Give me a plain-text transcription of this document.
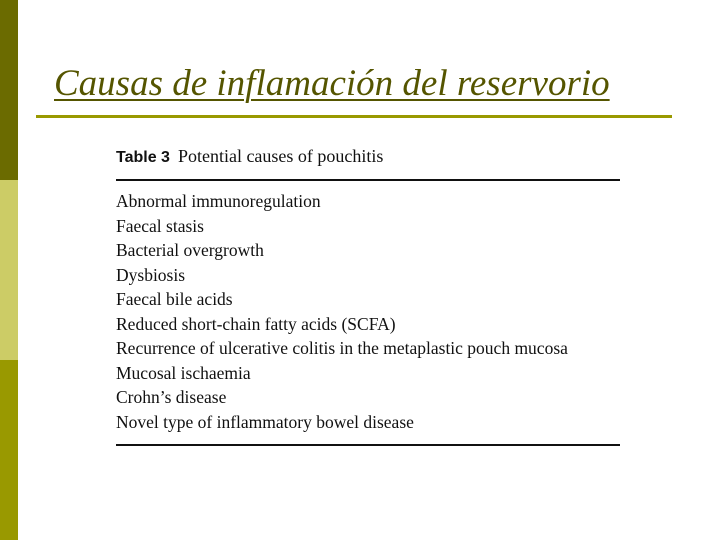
Causas de inflamación del reservorio
Table 3 Potential causes of pouchitis
Abnormal immunoregulation
Faecal stasis
Bacterial overgrowth
Dysbiosis
Faecal bile acids
Reduced short-chain fatty acids (SCFA)
Recurrence of ulcerative colitis in the metaplastic pouch mucosa
Mucosal ischaemia
Crohn’s disease
Novel type of inflammatory bowel disease
